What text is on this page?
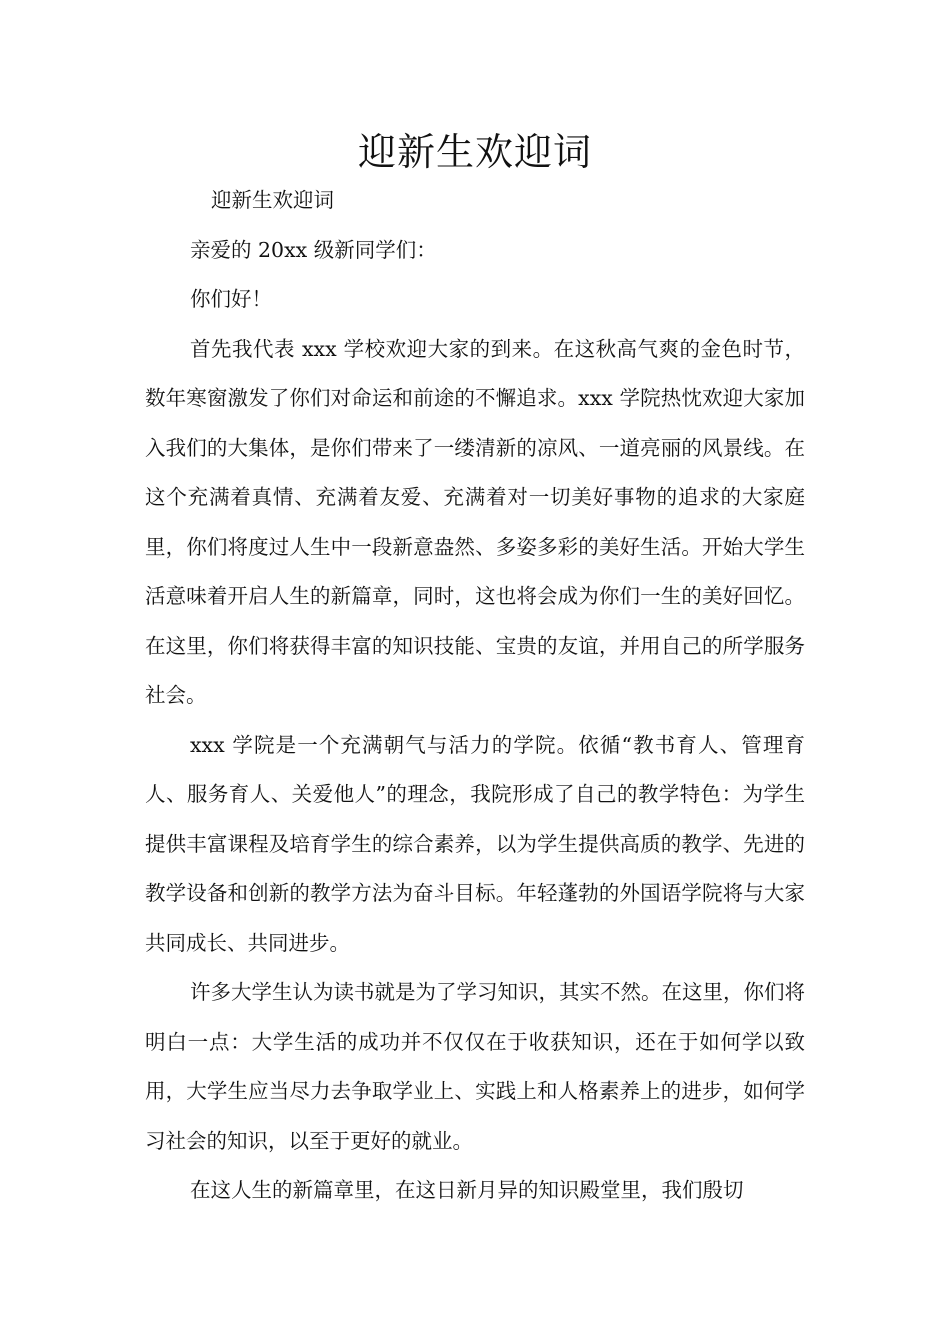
迎新生欢迎词

迎新生欢迎词

亲爱的 20xx 级新同学们：

你们好！

首先我代表 xxx 学校欢迎大家的到来。在这秋高气爽的金色时节，数年寒窗激发了你们对命运和前途的不懈追求。xxx 学院热忱欢迎大家加入我们的大集体，是你们带来了一缕清新的凉风、一道亮丽的风景线。在这个充满着真情、充满着友爱、充满着对一切美好事物的追求的大家庭里，你们将度过人生中一段新意盎然、多姿多彩的美好生活。开始大学生活意味着开启人生的新篇章，同时，这也将会成为你们一生的美好回忆。在这里，你们将获得丰富的知识技能、宝贵的友谊，并用自己的所学服务社会。

xxx 学院是一个充满朝气与活力的学院。依循“教书育人、管理育人、服务育人、关爱他人”的理念，我院形成了自己的教学特色：为学生提供丰富课程及培育学生的综合素养，以为学生提供高质的教学、先进的教学设备和创新的教学方法为奋斗目标。年轻蓬勃的外国语学院将与大家共同成长、共同进步。

许多大学生认为读书就是为了学习知识，其实不然。在这里，你们将明白一点：大学生活的成功并不仅仅在于收获知识，还在于如何学以致用，大学生应当尽力去争取学业上、实践上和人格素养上的进步，如何学习社会的知识，以至于更好的就业。

在这人生的新篇章里，在这日新月异的知识殿堂里，我们殷切
